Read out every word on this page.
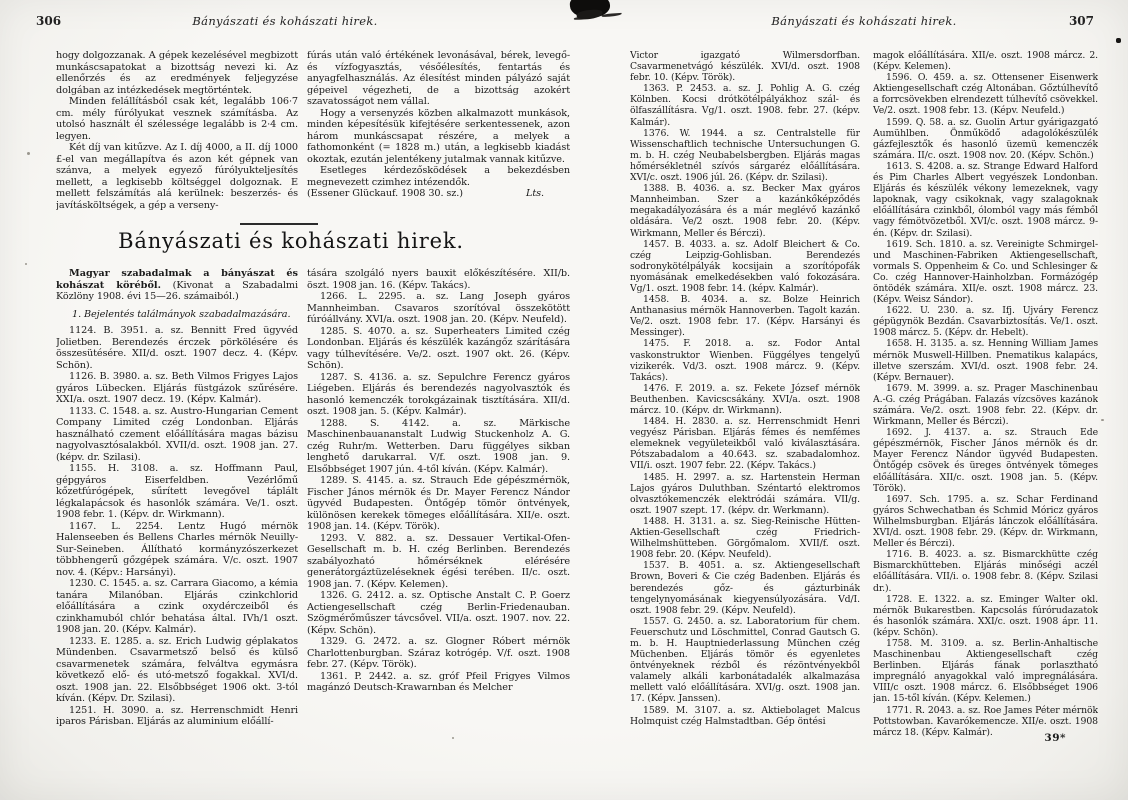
306	Bányászati és kohászati hirek.

hogy dolgozzanak. A gépek kezelésével megbizott munkáscsapatokat a bizottság nevezi ki. Az ellenőrzés és az eredmények feljegyzése dolgában az intézkedések megtörténtek.

Minden felállításból csak két, legalább 106·7 cm. mély fúrólyukat vesznek számításba. Az utolsó használt él szélessége legalább is 2·4 cm. legyen.

Két díj van kitűzve. Az I. díj 4000, a II. díj 1000 £-el van megállapítva és azon két gépnek van szánva, a melyek egyező fúrólyukteljesítés mellett, a legkisebb költséggel dolgoznak. E mellett felszámítás alá kerülnek: beszerzés- és javításköltségek, a gép a verseny-

fúrás után való értékének levonásával, bérek, levegő- és vízfogyasztás, vésőélesítés, fentartás és anyagfelhasználás. Az élesítést minden pályázó saját gépeivel végezheti, de a bizottság azokért szavatosságot nem vállal.

Hogy a versenyzés közben alkalmazott munkások, minden képesítésük kifejtésére serkentessenek, azon három munkáscsapat részére, a melyek a fathomonként (= 1828 m.) után, a legkisebb kiadást okoztak, ezután jelentékeny jutalmak vannak kitűzve.

Esetleges kérdezősködések a bekezdésben megnevezett czimhez intézendők.

(Essener Glückauf. 1908 30. sz.)	Lts.

Bányászati és kohászati hirek.

Magyar szabadalmak a bányászat és kohászat köréből. (Kivonat a Szabadalmi Közlöny 1908. évi 15—26. számaiból.)

1. Bejelentés találmányok szabadalmazására.

1124. B. 3951. a. sz. Bennitt Fred ügyvéd Jolietben. Berendezés érczek pörkölésére és összesütésére. XII/d. oszt. 1907 decz. 4. (Képv. Schön).

1126. B. 3980. a. sz. Beth Vilmos Frigyes Lajos gyáros Lübecken. Eljárás füstgázok szűrésére. XXI/a. oszt. 1907 decz. 19. (Képv. Kalmár).

1133. C. 1548. a. sz. Austro-Hungarian Cement Company Limited czég Londonban. Eljárás használható czement előállítására magas bázisu nagyolvasztósalakból. XVII/d. oszt. 1908 jan. 27. (képv. dr. Szilasi).

1155. H. 3108. a. sz. Hoffmann Paul, gépgyáros Eiserfeldben. Vezérlőmű kőzetfúrógépek, sűrített levegővel táplált légkalapácsok és hasonlók számára. Ve/1. oszt. 1908 febr. 1. (Képv. dr. Wirkmann).

1167. L. 2254. Lentz Hugó mérnök Halenseeben és Bellens Charles mérnök Neuilly-Sur-Seineben. Állítható kormányzószerkezet többhengerű gőzgépek számára. V/c. oszt. 1907 nov. 4. (Képv.: Harsányi).

1230. C. 1545. a. sz. Carrara Giacomo, a kémia tanára Milanóban. Eljárás czinkchlorid előállítására a czink oxydérczeiből és czinkhamuból chlór behatása által. IVh/1 oszt. 1908 jan. 20. (Képv. Kalmár).

1233. E. 1285. a. sz. Erich Ludwig géplakatos Mündenben. Csavarmetsző belső és külső csavarmenetek számára, felváltva egymásra következő elő- és utó-metsző fogakkal. XVI/d. oszt. 1908 jan. 22. Elsőbbséget 1906 okt. 3-tól kíván. (Képv. Dr. Szilasi).

1251. H. 3090. a. sz. Herrenschmidt Henri iparos Párisban. Eljárás az aluminium előállí-

tására szolgáló nyers bauxit előkészítésére. XII/b. öszt. 1908 jan. 16. (Képv. Takács).

1266. L. 2295. a. sz. Lang Joseph gyáros Mannheimban. Csavaros szorítóval összekötött fúróállvány. XVI/a. oszt. 1908 jan. 20. (Képv. Neufeld).

1285. S. 4070. a. sz. Superheaters Limited czég Londonban. Eljárás és készülék kazángőz szárítására vagy túlhevítésére. Ve/2. oszt. 1907 okt. 26. (Képv. Schön).

1287. S. 4136. a. sz. Sepulchre Ferencz gyáros Liégeben. Eljárás és berendezés nagyolvasztók és hasonló kemenczék torokgázainak tisztítására. XII/d. oszt. 1908 jan. 5. (Képv. Kalmár).

1288. S. 4142. a. sz. Märkische Maschinenbauananstalt Ludwig Stuckenholz A. G. czég Ruhr/m. Wetterben. Daru függélyes sikban lenghető darukarral. V/f. oszt. 1908 jan. 9. Elsőbbséget 1907 jún. 4-től kíván. (Képv. Kalmár).

1289. S. 4145. a. sz. Strauch Ede gépészmérnök, Fischer János mérnök és Dr. Mayer Ferencz Nándor ügyvéd Budapesten. Öntőgép tömör öntvények, különösen kerekek tömeges előállítására. XII/e. oszt. 1908 jan. 14. (Képv. Török).

1293. V. 882. a. sz. Dessauer Vertikal-Ofen-Gesellschaft m. b. H. czég Berlinben. Berendezés szabályozható hőmérséknek elérésére generátorgáztüzeléseknek égési terében. II/c. oszt. 1908 jan. 7. (Képv. Kelemen).

1326. G. 2412. a. sz. Optische Anstalt C. P. Goerz Actiengesellschaft czég Berlin-Friedenauban. Szögmérőműszer távcsővel. VII/a. oszt. 1907. nov. 22. (Képv. Schön).

1329. G. 2472. a. sz. Glogner Róbert mérnök Charlottenburgban. Száraz kotrógép. V/f. oszt. 1908 febr. 27. (Képv. Török).

1361. P. 2442. a. sz. gróf Pfeil Frigyes Vilmos magánzó Deutsch-Krawarnban és Melcher

Bányászati és kohászati hirek.	307

Victor igazgató Wilmersdorfban. Csavarmenetvágó készülék. XVI/d. oszt. 1908 febr. 10. (Képv. Török).

1363. P. 2453. a. sz. J. Pohlig A. G. czég Kölnben. Kocsi drótkötélpályákhoz szál- és ölfaszállításra. Vg/1. oszt. 1908. febr. 27. (képv. Kalmár).

1376. W. 1944. a sz. Centralstelle für Wissenschaftlich technische Untersuchungen G. m. b. H. czég Neubabelsbergben. Eljárás magas hőmérsékletnél szívós sárgaréz előállítására. XVI/c. oszt. 1906 júl. 26. (Képv. dr. Szilasi).

1388. B. 4036. a. sz. Becker Max gyáros Mannheimban. Szer a kazánkőképződés megakadályozására és a már meglévő kazánkő oldására. Ve/2 oszt. 1908 febr. 20. (Képv. Wirkmann, Meller és Bérczi).

1457. B. 4033. a. sz. Adolf Bleichert & Co. czég Leipzig-Gohlisban. Berendezés sodronykötélpályák kocsijain a szorítópofák nyomásának emelkedésekben való fokozására. Vg/1. oszt. 1908 febr. 14. (képv. Kalmár).

1458. B. 4034. a. sz. Bolze Heinrich Anthanasius mérnök Hannoverben. Tagolt kazán. Ve/2. oszt. 1908 febr. 17. (Képv. Harsányi és Messinger).

1475. F. 2018. a. sz. Fodor Antal vaskonstruktor Wienben. Függélyes tengelyű vizikerék. Vd/3. oszt. 1908 márcz. 9. (Képv. Takács).

1476. F. 2019. a. sz. Fekete József mérnök Beuthenben. Kavicscsákány. XVI/a. oszt. 1908 márcz. 10. (Képv. dr. Wirkmann).

1484. H. 2830. a. sz. Herrenschmidt Henri vegyész Párisban. Eljárás fémes és nemfémes elemeknek vegyületeikből való kiválasztására. Pótszabadalom a 40.643. sz. szabadalomhoz. VII/i. oszt. 1907 febr. 22. (Képv. Takács.)

1485. H. 2997. a. sz. Hartenstein Herman Lajos gyáros Duluthban. Széntartó elektromos olvasztókemenczék elektródái számára. VII/g. oszt. 1907 szept. 17. (képv. dr. Werkmann).

1488. H. 3131. a. sz. Sieg-Reinische Hütten-Aktien-Gesellschaft czég Friedrich-Wilhelmshütteben. Görgőmalom. XVII/f. oszt. 1908 febr. 20. (Képv. Neufeld).

1537. B. 4051. a. sz. Aktiengesellschaft Brown, Boveri & Cie czég Badenben. Eljárás és berendezés gőz- és gázturbinák tengelynyomásának kiegyensúlyozására. Vd/I. oszt. 1908 febr. 29. (Képv. Neufeld).

1557. G. 2450. a. sz. Laboratorium für chem. Feuerschutz und Löschmittel, Conrad Gautsch G. m. b. H. Hauptniederlassung München czég Müchenben. Eljárás tömör és egyenletes öntvényeknek rézből és rézöntvényekből valamely alkáli karbonátadalék alkalmazása mellett való előállítására. XVI/g. oszt. 1908 jan. 17. (Képv. Janssen).

1589. M. 3107. a. sz. Aktiebolaget Malcus Holmquist czég Halmstadtban. Gép öntési

magok előállítására. XII/e. oszt. 1908 márcz. 2. (Képv. Kelemen).

1596. O. 459. a. sz. Ottensener Eisenwerk Aktiengesellschaft czég Altonában. Gőztúlhevítő a forrcsövekben elrendezett túlhevítő csövekkel. Ve/2. oszt. 1908 febr. 13. (Képv. Neufeld.)

1599. Q. 58. a. sz. Guolin Artur gyárigazgató Aumühlben. Önműködő adagolókészülék gázfejlesztők és hasonló üzemü kemenczék számára. II/c. oszt. 1908 nov. 20. (Képv. Schön.)

1613. S. 4208. a. sz. Strange Edward Halford és Pim Charles Albert vegyészek Londonban. Eljárás és készülék vékony lemezeknek, vagy lapoknak, vagy csikoknak, vagy szalagoknak előállítására czinkből, ólomból vagy más fémből vagy fémötvözetből. XVI/c. oszt. 1908 márcz. 9-én. (Képv. dr. Szilasi).

1619. Sch. 1810. a. sz. Vereinigte Schmirgel- und Maschinen-Fabriken Aktiengesellschaft, vormals S. Oppenheim & Co. und Schlesinger & Co. czég Hannover-Hainholzban. Formázógép öntödék számára. XII/e. oszt. 1908 márcz. 23. (Képv. Weisz Sándor).

1622. U. 230. a. sz. Ifj. Ujváry Ferencz gépügynök Bezdán. Csavarbiztosítás. Ve/1. oszt. 1908 márcz. 5. (Képv. dr. Hebelt).

1658. H. 3135. a. sz. Henning William James mérnök Muswell-Hillben. Pnematikus kalapács, illetve szerszám. XVI/d. oszt. 1908 febr. 24. (Képv. Bernauer).

1679. M. 3999. a. sz. Prager Maschinenbau A.-G. czég Prágában. Falazás vízcsöves kazánok számára. Ve/2. oszt. 1908 febr. 22. (Képv. dr. Wirkmann, Meller és Bérczi).

1692. J. 4137. a. sz. Strauch Ede gépészmérnök, Fischer János mérnök és dr. Mayer Ferencz Nándor ügyvéd Budapesten. Öntőgép csövek és üreges öntvények tömeges előállítására. XII/c. oszt. 1908 jan. 5. (Képv. Török).

1697. Sch. 1795. a. sz. Schar Ferdinand gyáros Schwechatban és Schmid Móricz gyáros Wilhelmsburgban. Eljárás lánczok előállítására. XVI/d. oszt. 1908 febr. 29. (Képv. dr. Wirkmann, Meller és Bérczi).

1716. B. 4023. a. sz. Bismarckhütte czég Bismarckhütteben. Eljárás minőségi aczél előállítására. VII/i. o. 1908 febr. 8. (Képv. Szilasi dr.).

1728. E. 1322. a. sz. Eminger Walter okl. mérnök Bukarestben. Kapcsolás fúrórudazatok és hasonlók számára. XXI/c. oszt. 1908 ápr. 11. (képv. Schön).

1758. M. 3109. a. sz. Berlin-Anhaltische Maschinenbau Aktiengesellschaft czég Berlinben. Eljárás fának porlasztható impregnáló anyagokkal való impregnálására. VIII/c oszt. 1908 márcz. 6. Elsőbbséget 1906 jan. 15-től kíván. (Képv. Kelemen.)

1771. R. 2043. a. sz. Roe James Péter mérnök Pottstowban. Kavarókemencze. XII/e. oszt. 1908 márcz 18. (Képv. Kalmár).	39*
